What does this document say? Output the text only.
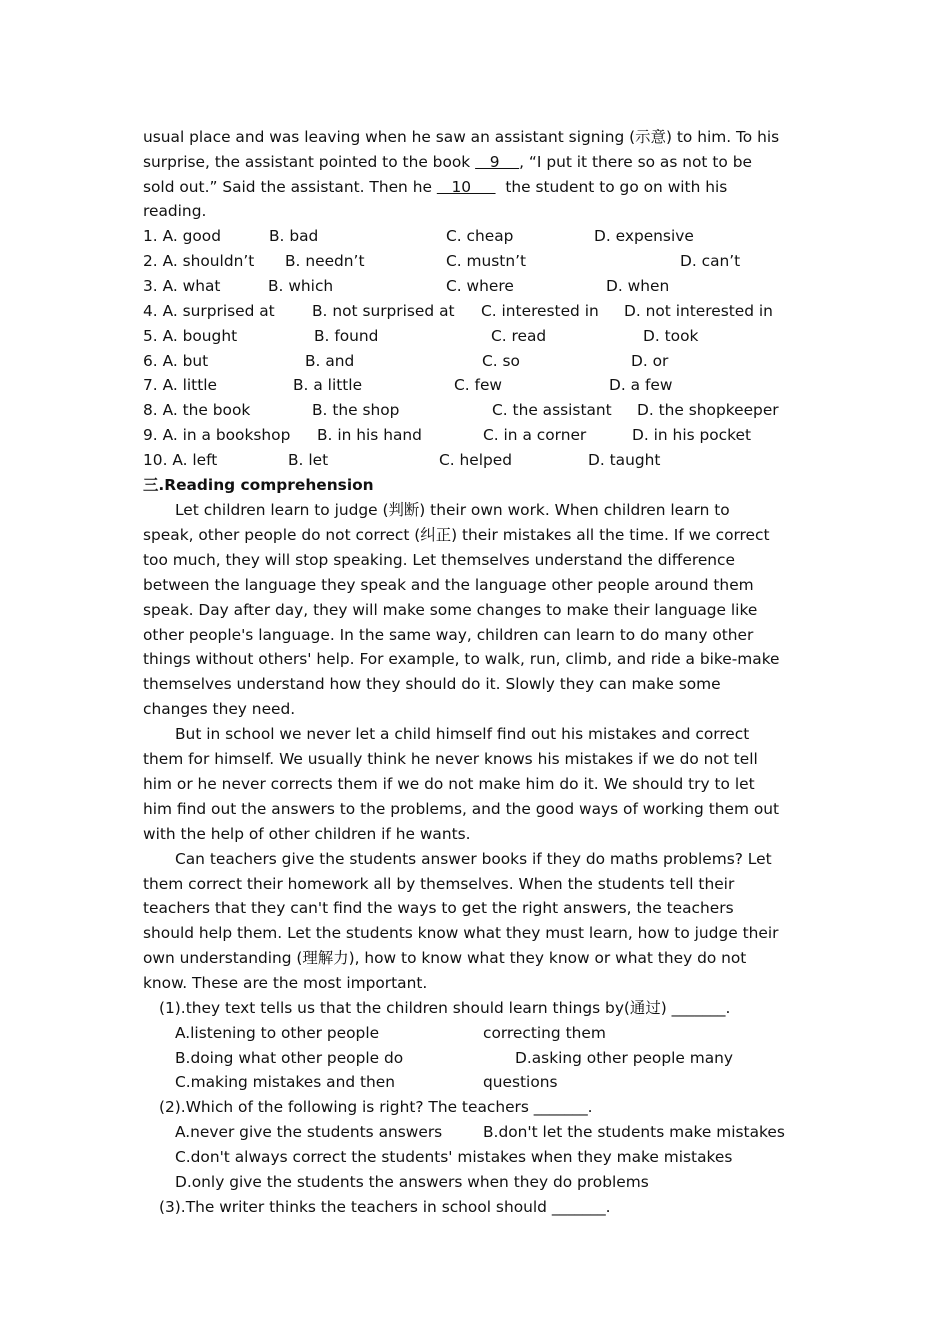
usual place and was leaving when he saw an assistant signing (示意) to him. To his
surprise, the assistant pointed to the book    9    , “I put it there so as not to be
sold out.” Said the assistant. Then he    10       the student to go on with his
reading.
1. A. good	B. bad	C. cheap	D. expensive
2. A. shouldn’t B. needn’t	C. mustn’t	D. can’t
3. A. what	B. which	C. where	D. when
4. A. surprised at B. not surprised at C. interested in D. not interested in
5. A. bought	B. found	C. read	D. took
6. A. but	B. and	C. so	D. or
7. A. little	B. a little	C. few	D. a few
8. A. the book	B. the shop	C. the assistant D. the shopkeeper
9. A. in a bookshop B. in his hand	C. in a corner	D. in his pocket
10. A. left	B. let	C. helped	D. taught
三.Reading comprehension
Let children learn to judge (判断) their own work. When children learn to
speak, other people do not correct (纠正) their mistakes all the time. If we correct
too much, they will stop speaking. Let themselves understand the difference
between the language they speak and the language other people around them
speak. Day after day, they will make some changes to make their language like
other people's language. In the same way, children can learn to do many other
things without others' help. For example, to walk, run, climb, and ride a bike-make
themselves understand how they should do it. Slowly they can make some
changes they need.
But in school we never let a child himself find out his mistakes and correct
them for himself. We usually think he never knows his mistakes if we do not tell
him or he never corrects them if we do not make him do it. We should try to let
him find out the answers to the problems, and the good ways of working them out
with the help of other children if he wants.
Can teachers give the students answer books if they do maths problems? Let
them correct their homework all by themselves. When the students tell their
teachers that they can't find the ways to get the right answers, the teachers
should help them. Let the students know what they must learn, how to judge their
own understanding (理解力), how to know what they know or what they do not
know. These are the most important.
(1).they text tells us that the children should learn things by(通过) _______.
A.listening to other people	correcting them
B.doing what other people do	D.asking other people many
C.making mistakes and then	questions
(2).Which of the following is right? The teachers _______.
A.never give the students answers	B.don't let the students make mistakes
C.don't always correct the students' mistakes when they make mistakes
D.only give the students the answers when they do problems
(3).The writer thinks the teachers in school should _______.
